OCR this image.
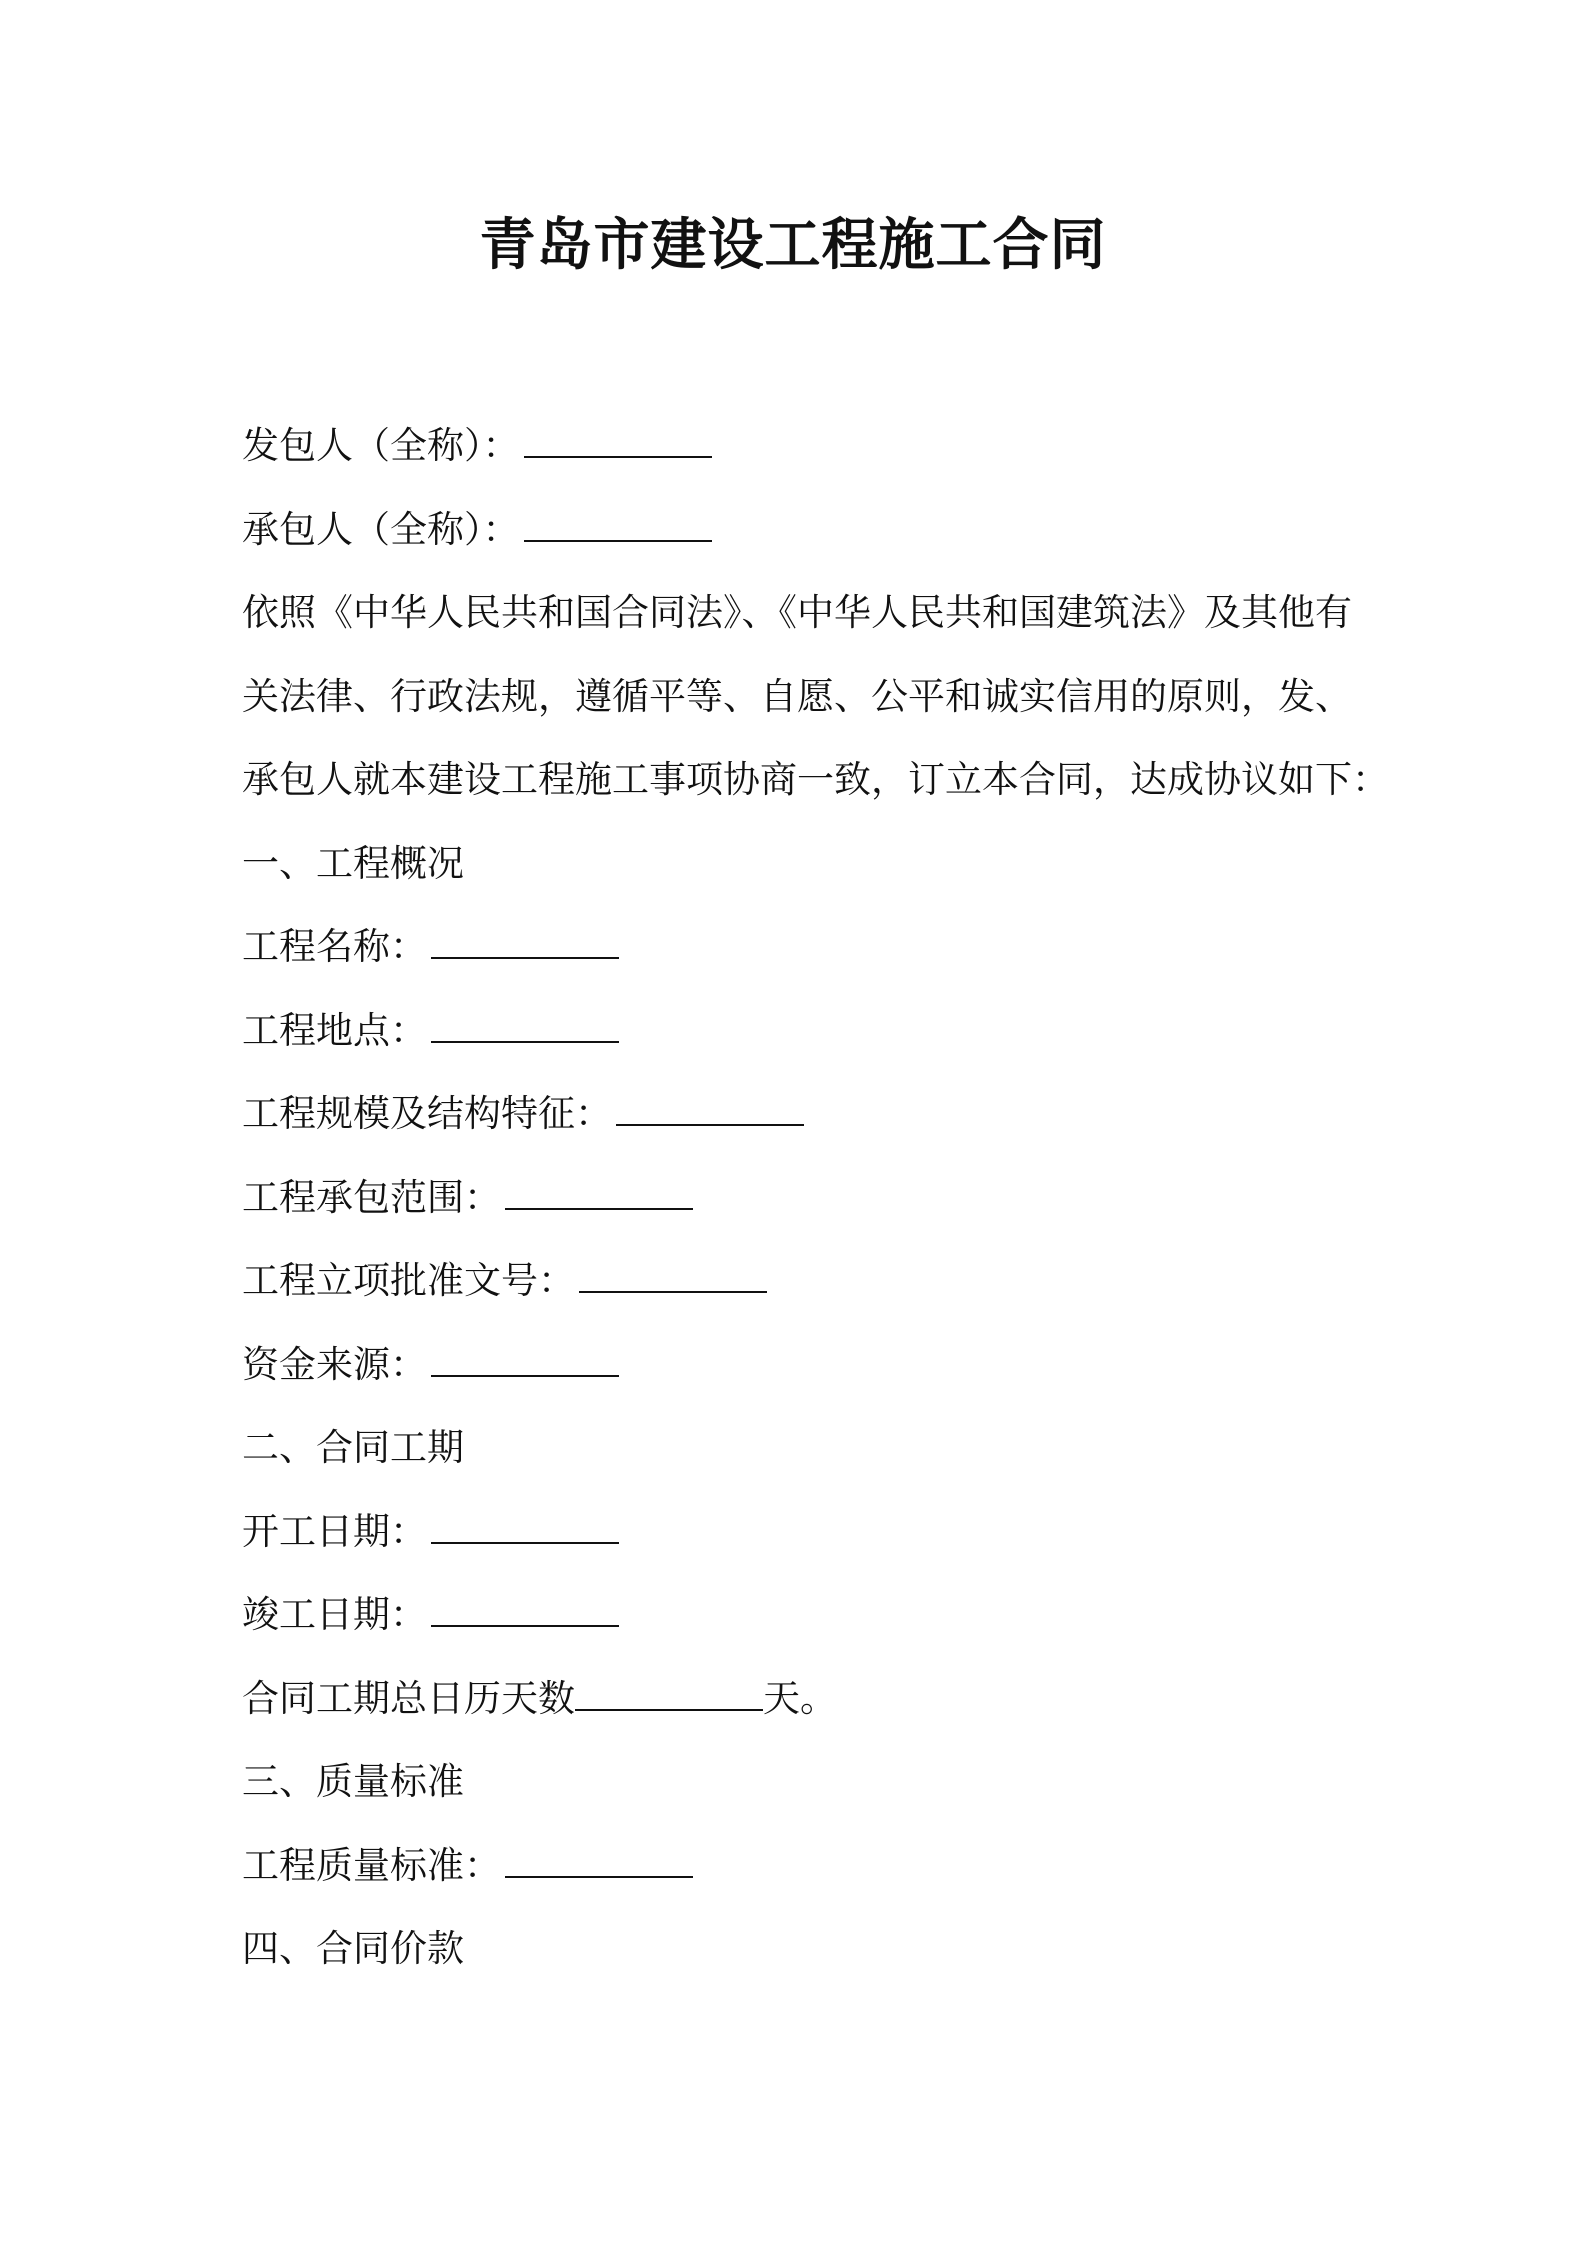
青岛市建设工程施工合同
发包人（全称）：
承包人（全称）：
依照《中华人民共和国合同法》、《中华人民共和国建筑法》及其他有
关法律、行政法规，遵循平等、自愿、公平和诚实信用的原则，发、
承包人就本建设工程施工事项协商一致，订立本合同，达成协议如下：
一、工程概况
工程名称：
工程地点：
工程规模及结构特征：
工程承包范围：
工程立项批准文号：
资金来源：
二、合同工期
开工日期：
竣工日期：
合同工期总日历天数	天。
三、质量标准
工程质量标准：
四、合同价款
